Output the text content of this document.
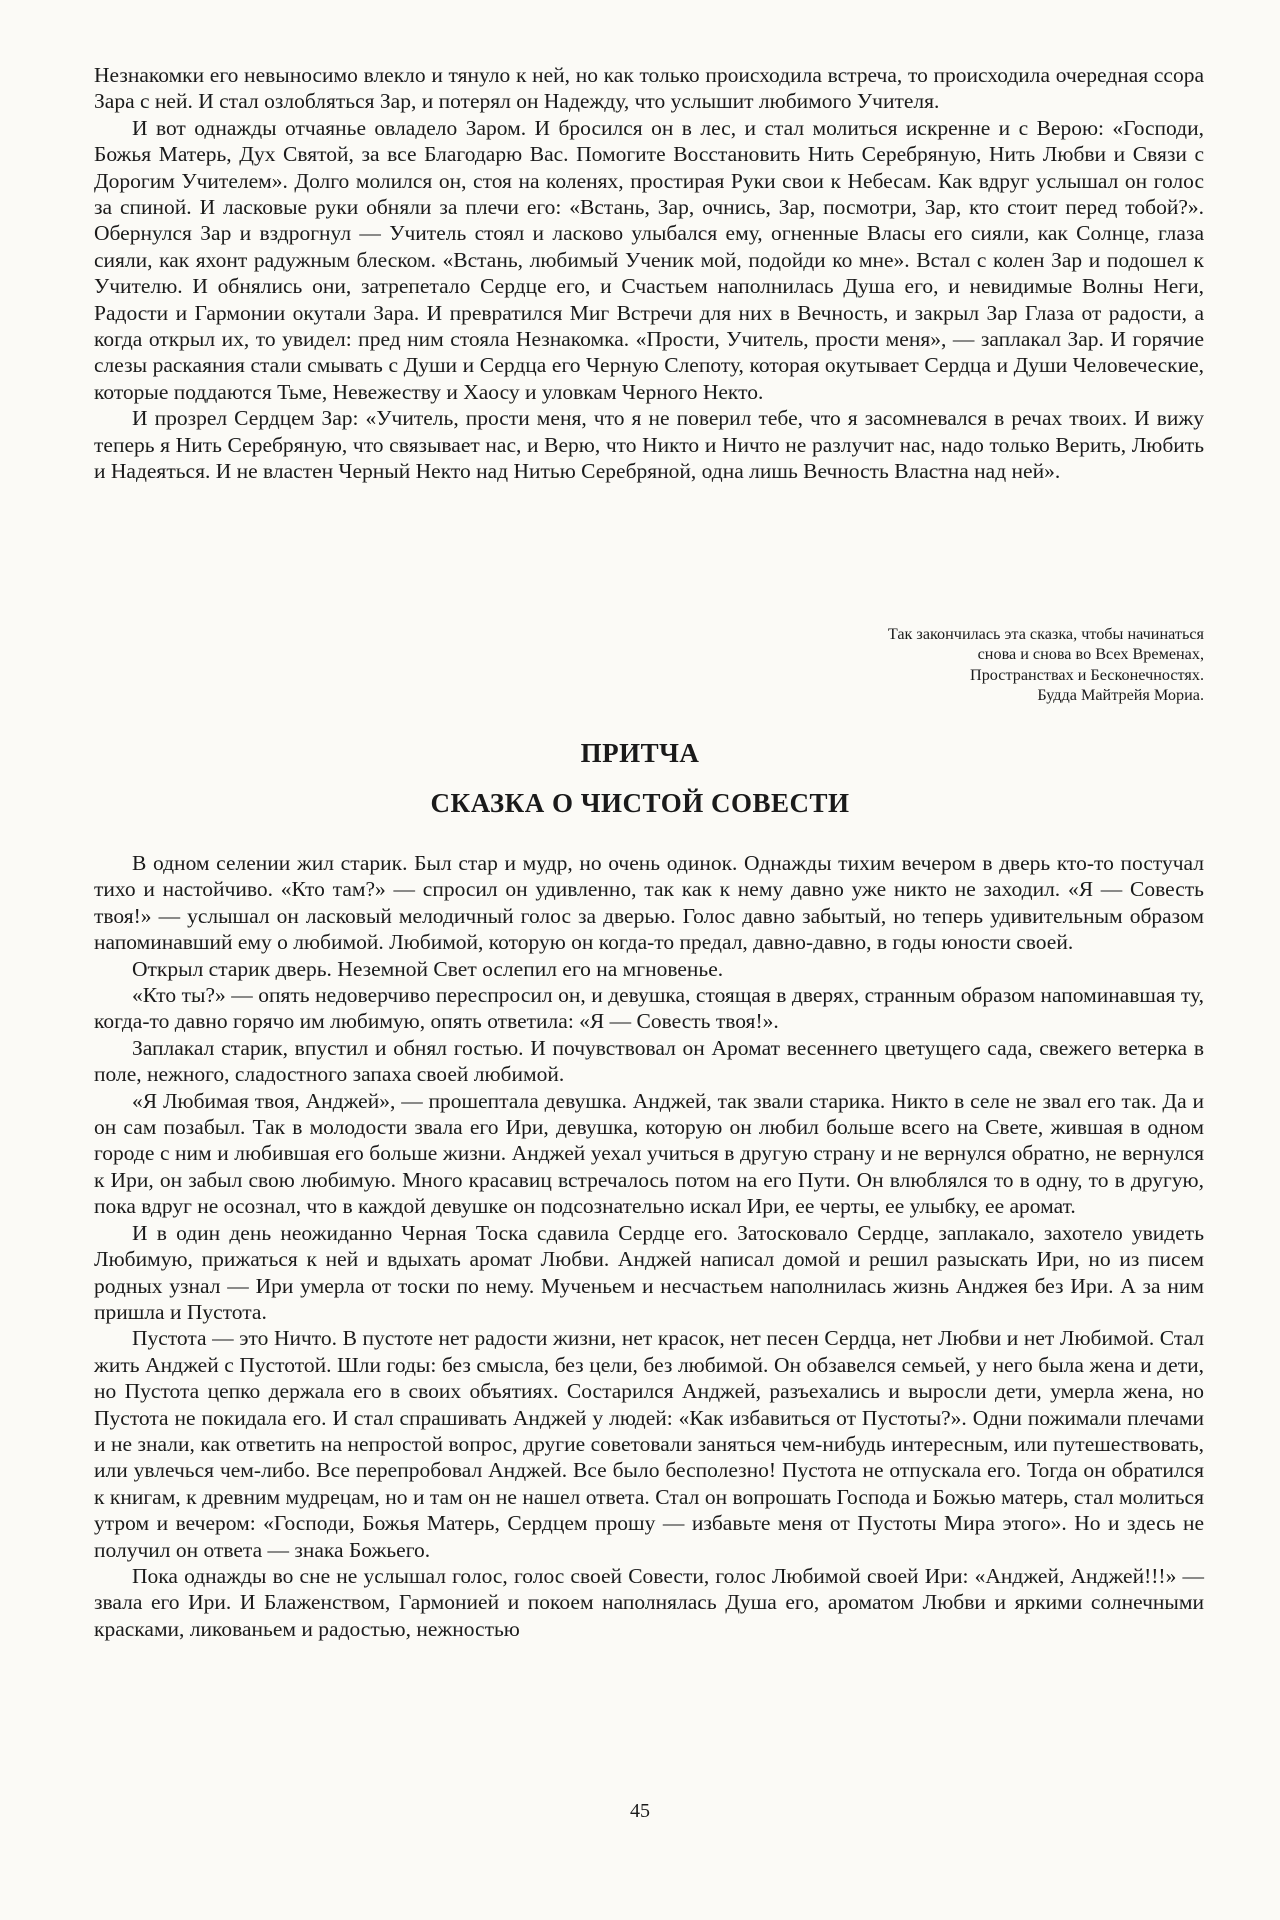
Незнакомки его невыносимо влекло и тянуло к ней, но как только происходила встреча, то происходила очередная ссора Зара с ней. И стал озлобляться Зар, и потерял он Надежду, что услышит любимого Учителя.

И вот однажды отчаянье овладело Заром. И бросился он в лес, и стал молиться искренне и с Верою: «Господи, Божья Матерь, Дух Святой, за все Благодарю Вас. Помогите Восстановить Нить Серебряную, Нить Любви и Связи с Дорогим Учителем». Долго молился он, стоя на коленях, простирая Руки свои к Небесам. Как вдруг услышал он голос за спиной. И ласковые руки обняли за плечи его: «Встань, Зар, очнись, Зар, посмотри, Зар, кто стоит перед тобой?». Обернулся Зар и вздрогнул — Учитель стоял и ласково улыбался ему, огненные Власы его сияли, как Солнце, глаза сияли, как яхонт радужным блеском. «Встань, любимый Ученик мой, подойди ко мне». Встал с колен Зар и подошел к Учителю. И обнялись они, затрепетало Сердце его, и Счастьем наполнилась Душа его, и невидимые Волны Неги, Радости и Гармонии окутали Зара. И превратился Миг Встречи для них в Вечность, и закрыл Зар Глаза от радости, а когда открыл их, то увидел: пред ним стояла Незнакомка. «Прости, Учитель, прости меня», — заплакал Зар. И горячие слезы раскаяния стали смывать с Души и Сердца его Черную Слепоту, которая окутывает Сердца и Души Человеческие, которые поддаются Тьме, Невежеству и Хаосу и уловкам Черного Некто.

И прозрел Сердцем Зар: «Учитель, прости меня, что я не поверил тебе, что я засомневался в речах твоих. И вижу теперь я Нить Серебряную, что связывает нас, и Верю, что Никто и Ничто не разлучит нас, надо только Верить, Любить и Надеяться. И не властен Черный Некто над Нитью Серебряной, одна лишь Вечность Властна над ней».

Так закончилась эта сказка, чтобы начинаться
снова и снова во Всех Временах,
Пространствах и Бесконечностях.
Будда Майтрейя Мориа.
ПРИТЧА
СКАЗКА О ЧИСТОЙ СОВЕСТИ

В одном селении жил старик. Был стар и мудр, но очень одинок. Однажды тихим вечером в дверь кто-то постучал тихо и настойчиво. «Кто там?» — спросил он удивленно, так как к нему давно уже никто не заходил. «Я — Совесть твоя!» — услышал он ласковый мелодичный голос за дверью. Голос давно забытый, но теперь удивительным образом напоминавший ему о любимой. Любимой, которую он когда-то предал, давно-давно, в годы юности своей.

Открыл старик дверь. Неземной Свет ослепил его на мгновенье.

«Кто ты?» — опять недоверчиво переспросил он, и девушка, стоящая в дверях, странным образом напоминавшая ту, когда-то давно горячо им любимую, опять ответила: «Я — Совесть твоя!».

Заплакал старик, впустил и обнял гостью. И почувствовал он Аромат весеннего цветущего сада, свежего ветерка в поле, нежного, сладостного запаха своей любимой.

«Я Любимая твоя, Анджей», — прошептала девушка. Анджей, так звали старика. Никто в селе не звал его так. Да и он сам позабыл. Так в молодости звала его Ири, девушка, которую он любил больше всего на Свете, жившая в одном городе с ним и любившая его больше жизни. Анджей уехал учиться в другую страну и не вернулся обратно, не вернулся к Ири, он забыл свою любимую. Много красавиц встречалось потом на его Пути. Он влюблялся то в одну, то в другую, пока вдруг не осознал, что в каждой девушке он подсознательно искал Ири, ее черты, ее улыбку, ее аромат.

И в один день неожиданно Черная Тоска сдавила Сердце его. Затосковало Сердце, заплакало, захотело увидеть Любимую, прижаться к ней и вдыхать аромат Любви. Анджей написал домой и решил разыскать Ири, но из писем родных узнал — Ири умерла от тоски по нему. Мученьем и несчастьем наполнилась жизнь Анджея без Ири. А за ним пришла и Пустота.

Пустота — это Ничто. В пустоте нет радости жизни, нет красок, нет песен Сердца, нет Любви и нет Любимой. Стал жить Анджей с Пустотой. Шли годы: без смысла, без цели, без любимой. Он обзавелся семьей, у него была жена и дети, но Пустота цепко держала его в своих объятиях. Состарился Анджей, разъехались и выросли дети, умерла жена, но Пустота не покидала его. И стал спрашивать Анджей у людей: «Как избавиться от Пустоты?». Одни пожимали плечами и не знали, как ответить на непростой вопрос, другие советовали заняться чем-нибудь интересным, или путешествовать, или увлечься чем-либо. Все перепробовал Анджей. Все было бесполезно! Пустота не отпускала его. Тогда он обратился к книгам, к древним мудрецам, но и там он не нашел ответа. Стал он вопрошать Господа и Божью матерь, стал молиться утром и вечером: «Господи, Божья Матерь, Сердцем прошу — избавьте меня от Пустоты Мира этого». Но и здесь не получил он ответа — знака Божьего.

Пока однажды во сне не услышал голос, голос своей Совести, голос Любимой своей Ири: «Анджей, Анджей!!!» — звала его Ири. И Блаженством, Гармонией и покоем наполнялась Душа его, ароматом Любви и яркими солнечными красками, ликованьем и радостью, нежностью

45
